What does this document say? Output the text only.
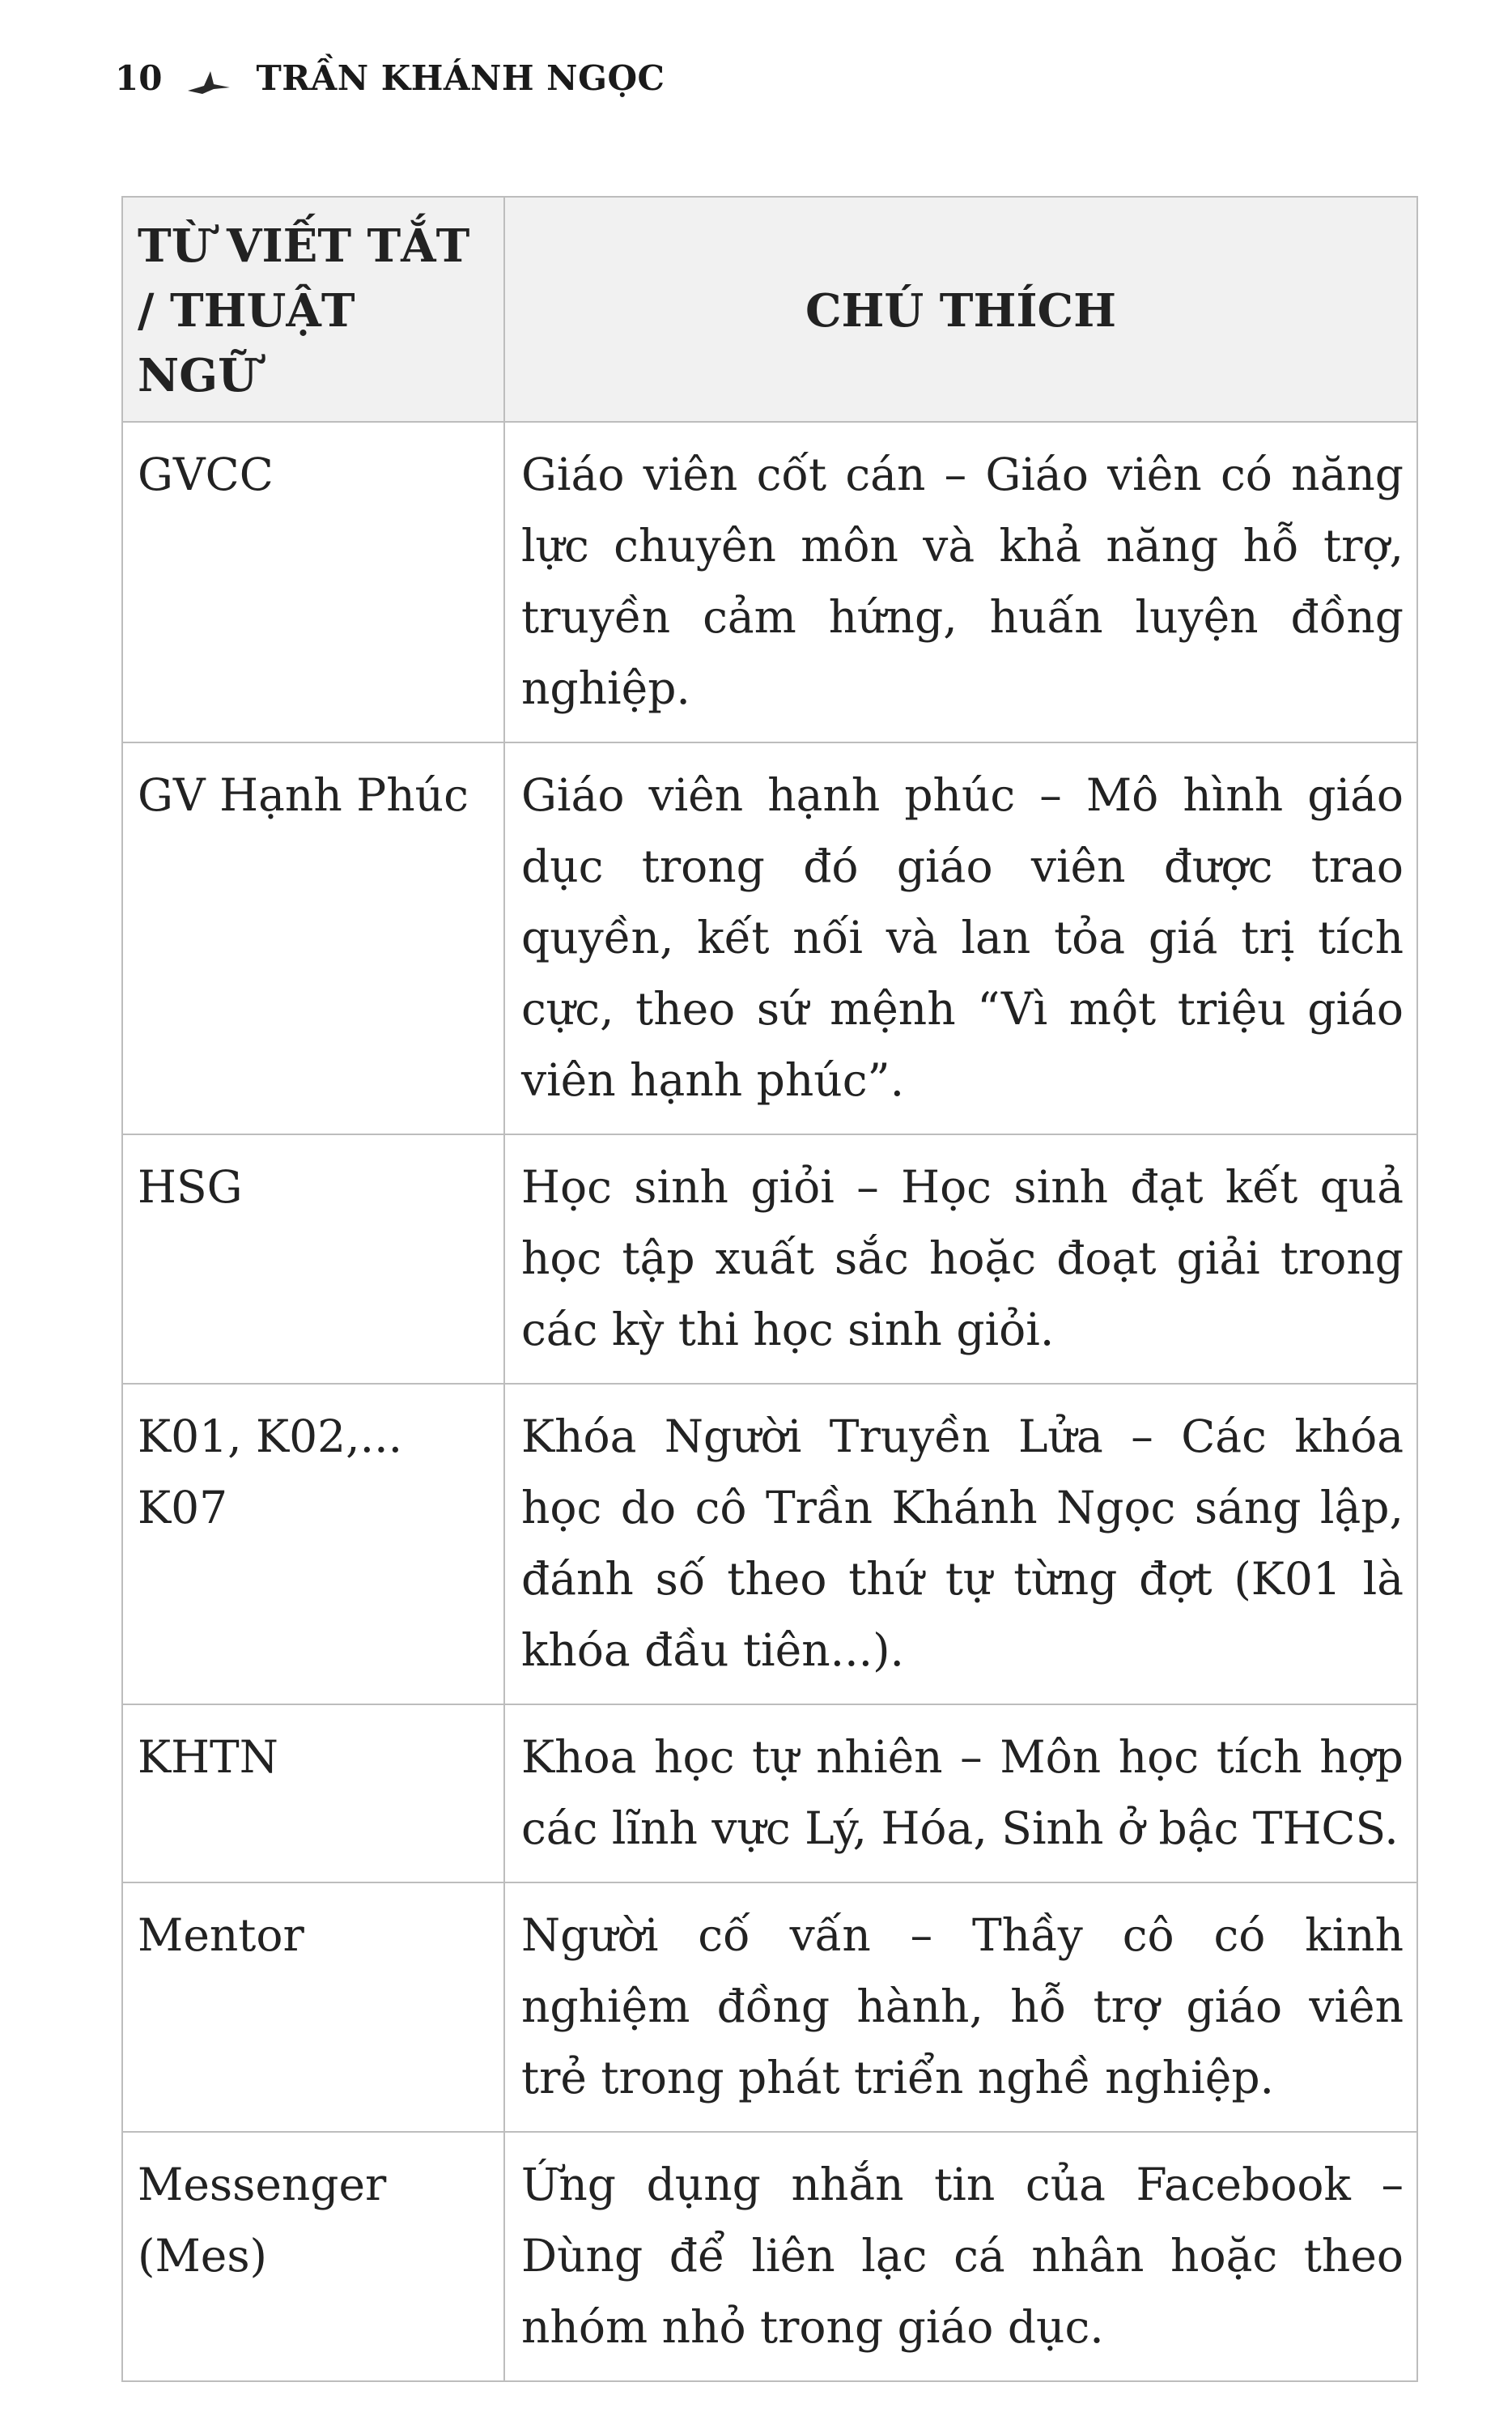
10	TRẦN KHÁNH NGỌC
TỪ VIẾT TẮT / THUẬT NGỮ	CHÚ THÍCH
GVCC	Giáo viên cốt cán – Giáo viên có năng lực chuyên môn và khả năng hỗ trợ, truyền cảm hứng, huấn luyện đồng nghiệp.
GV Hạnh Phúc	Giáo viên hạnh phúc – Mô hình giáo dục trong đó giáo viên được trao quyền, kết nối và lan tỏa giá trị tích cực, theo sứ mệnh “Vì một triệu giáo viên hạnh phúc”.
HSG	Học sinh giỏi – Học sinh đạt kết quả học tập xuất sắc hoặc đoạt giải trong các kỳ thi học sinh giỏi.
K01, K02,... K07	Khóa Người Truyền Lửa – Các khóa học do cô Trần Khánh Ngọc sáng lập, đánh số theo thứ tự từng đợt (K01 là khóa đầu tiên...).
KHTN	Khoa học tự nhiên – Môn học tích hợp các lĩnh vực Lý, Hóa, Sinh ở bậc THCS.
Mentor	Người cố vấn – Thầy cô có kinh nghiệm đồng hành, hỗ trợ giáo viên trẻ trong phát triển nghề nghiệp.
Messenger (Mes)	Ứng dụng nhắn tin của Facebook – Dùng để liên lạc cá nhân hoặc theo nhóm nhỏ trong giáo dục.
